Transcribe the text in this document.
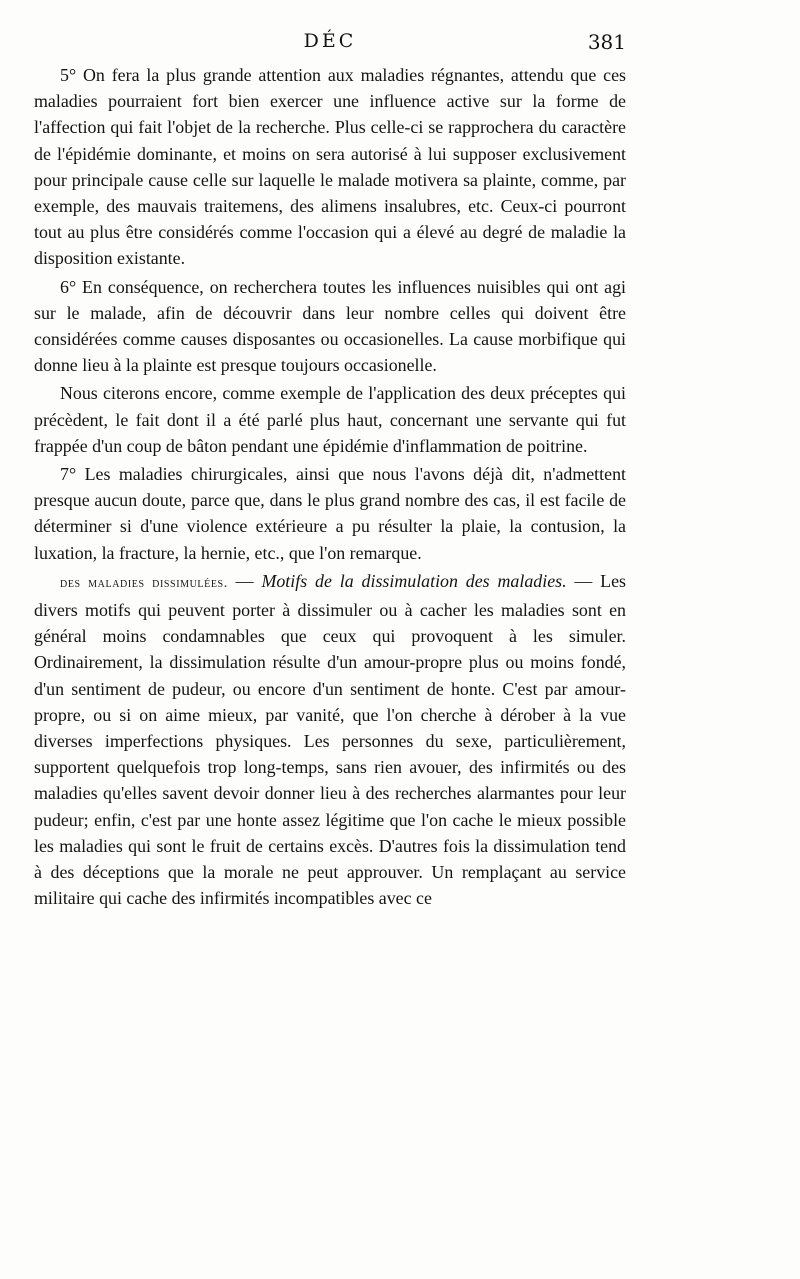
DÉC	381

5° On fera la plus grande attention aux maladies régnantes, attendu que ces maladies pourraient fort bien exercer une influence active sur la forme de l'affection qui fait l'objet de la recherche. Plus celle-ci se rapprochera du caractère de l'épidémie dominante, et moins on sera autorisé à lui supposer exclusivement pour principale cause celle sur laquelle le malade motivera sa plainte, comme, par exemple, des mauvais traitemens, des alimens insalubres, etc. Ceux-ci pourront tout au plus être considérés comme l'occasion qui a élevé au degré de maladie la disposition existante.

6° En conséquence, on recherchera toutes les influences nuisibles qui ont agi sur le malade, afin de découvrir dans leur nombre celles qui doivent être considérées comme causes disposantes ou occasionelles. La cause morbifique qui donne lieu à la plainte est presque toujours occasionelle.

Nous citerons encore, comme exemple de l'application des deux préceptes qui précèdent, le fait dont il a été parlé plus haut, concernant une servante qui fut frappée d'un coup de bâton pendant une épidémie d'inflammation de poitrine.

7° Les maladies chirurgicales, ainsi que nous l'avons déjà dit, n'admettent presque aucun doute, parce que, dans le plus grand nombre des cas, il est facile de déterminer si d'une violence extérieure a pu résulter la plaie, la contusion, la luxation, la fracture, la hernie, etc., que l'on remarque.

des maladies dissimulées. — Motifs de la dissimulation des maladies. — Les divers motifs qui peuvent porter à dissimuler ou à cacher les maladies sont en général moins condamnables que ceux qui provoquent à les simuler. Ordinairement, la dissimulation résulte d'un amour-propre plus ou moins fondé, d'un sentiment de pudeur, ou encore d'un sentiment de honte. C'est par amour-propre, ou si on aime mieux, par vanité, que l'on cherche à dérober à la vue diverses imperfections physiques. Les personnes du sexe, particulièrement, supportent quelquefois trop long-temps, sans rien avouer, des infirmités ou des maladies qu'elles savent devoir donner lieu à des recherches alarmantes pour leur pudeur; enfin, c'est par une honte assez légitime que l'on cache le mieux possible les maladies qui sont le fruit de certains excès. D'autres fois la dissimulation tend à des déceptions que la morale ne peut approuver. Un remplaçant au service militaire qui cache des infirmités incompatibles avec ce
